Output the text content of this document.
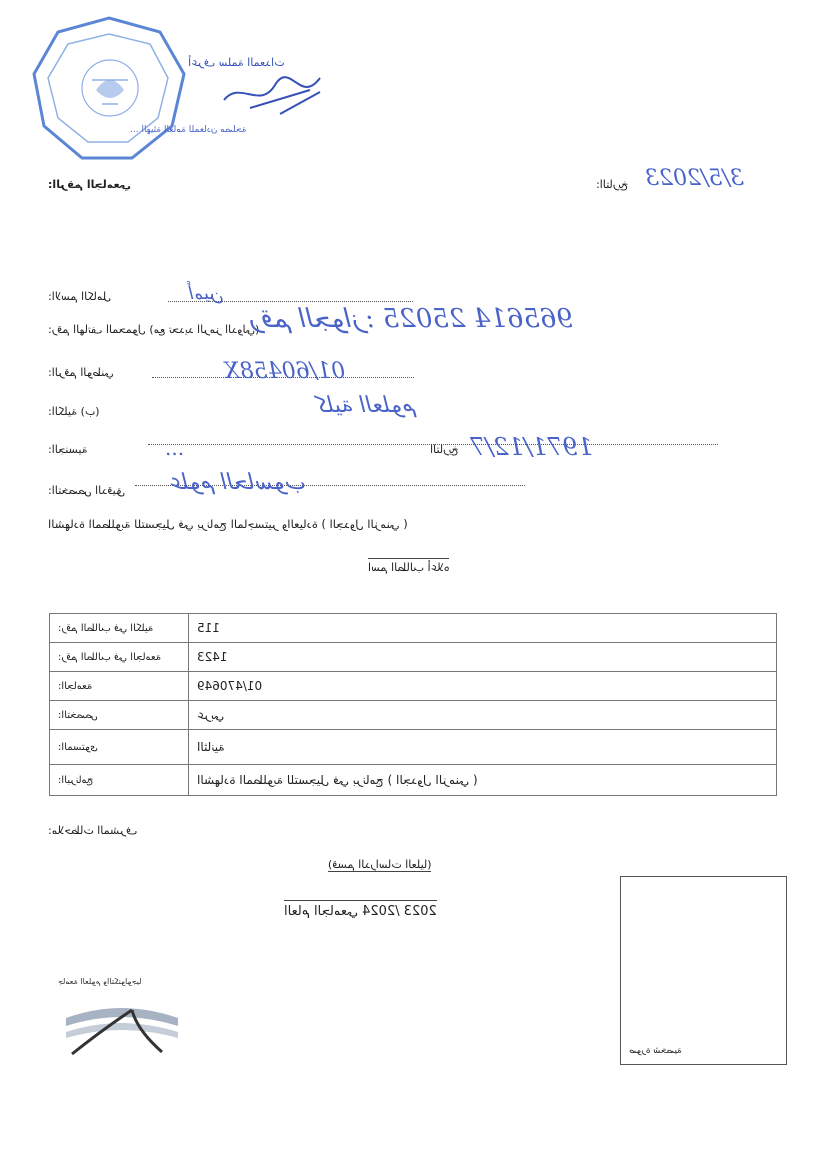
أعرف سلمة المعدات
الهيئة العامة للمعادن مصلحة ...
الرقم الجامعي:	التاريخ:	3/5/2023
الاسم الكامل:	أمين
رقم الهاتف المحمول (مع تحديد الرمز الدولي):	965614 رقم الجواز: 25025
الرقم الوطني:	01/60458X
الكلية (ب):	كلية العلوم
الجنسية:	...	التاريخ 1971/12/7
التخصص الدقيق:	علوم الحاسوب
( الجدول الزمني ) الشهادة المطلوبة للتسجيل في برنامج الماجستير والعيادة
اسم الطالب أعلاه
رقم الطالب في الكلية:	115
رقم الطالب في الجامعة:	1423
الجامعة:	01/470649
التخصص:	عربي
المستوى:	الثانية
البرنامج:	( الجدول الزمني ) الشهادة المطلوبة للتسجيل في برنامج
ملاحظات المشرف:
(قسم الدراسات العليا)
2023 /2024 العام الجامعي
صورة شخصية
جامعة العلوم والتكنولوجيا
